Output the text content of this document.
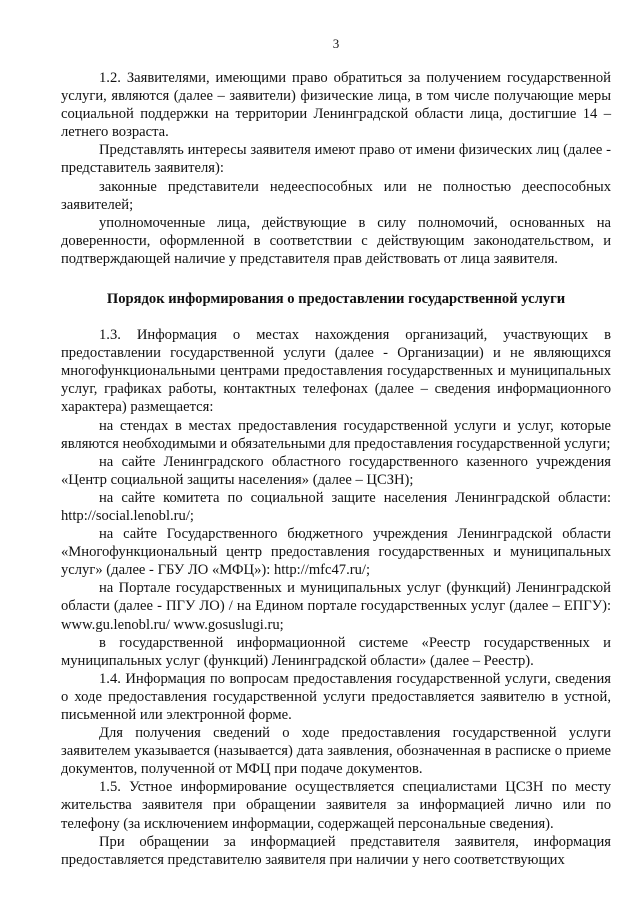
3

1.2. Заявителями, имеющими право обратиться за получением государственной услуги, являются (далее – заявители) физические лица, в том числе получающие меры социальной поддержки на территории Ленинградской области лица, достигшие 14 – летнего возраста.

Представлять интересы заявителя имеют право от имени физических лиц (далее - представитель заявителя):

законные представители недееспособных или не полностью дееспособных заявителей;

уполномоченные лица, действующие в силу полномочий, основанных на доверенности, оформленной в соответствии с действующим законодательством, и подтверждающей наличие у представителя прав действовать от лица заявителя.

Порядок информирования о предоставлении государственной услуги

1.3. Информация о местах нахождения организаций, участвующих в предоставлении государственной услуги (далее - Организации) и не являющихся многофункциональными центрами предоставления государственных и муниципальных услуг, графиках работы, контактных телефонах (далее – сведения информационного характера) размещается:

на стендах в местах предоставления государственной услуги и услуг, которые являются необходимыми и обязательными для предоставления государственной услуги;

на сайте Ленинградского областного государственного казенного учреждения «Центр социальной защиты населения» (далее – ЦСЗН);

на сайте комитета по социальной защите населения Ленинградской области: http://social.lenobl.ru/;

на сайте Государственного бюджетного учреждения Ленинградской области «Многофункциональный центр предоставления государственных и муниципальных услуг» (далее - ГБУ ЛО «МФЦ»): http://mfc47.ru/;

на Портале государственных и муниципальных услуг (функций) Ленинградской области (далее - ПГУ ЛО) / на Едином портале государственных услуг (далее – ЕПГУ): www.gu.lenobl.ru/ www.gosuslugi.ru;

в государственной информационной системе «Реестр государственных и муниципальных услуг (функций) Ленинградской области» (далее – Реестр).

1.4. Информация по вопросам предоставления государственной услуги, сведения о ходе предоставления государственной услуги предоставляется заявителю в устной, письменной или электронной форме.

Для получения сведений о ходе предоставления государственной услуги заявителем указывается (называется) дата заявления, обозначенная в расписке о приеме документов, полученной от МФЦ при подаче документов.

1.5. Устное информирование осуществляется специалистами ЦСЗН по месту жительства заявителя при обращении заявителя за информацией лично или по телефону (за исключением информации, содержащей персональные сведения).

При обращении за информацией представителя заявителя, информация предоставляется представителю заявителя при наличии у него соответствующих
